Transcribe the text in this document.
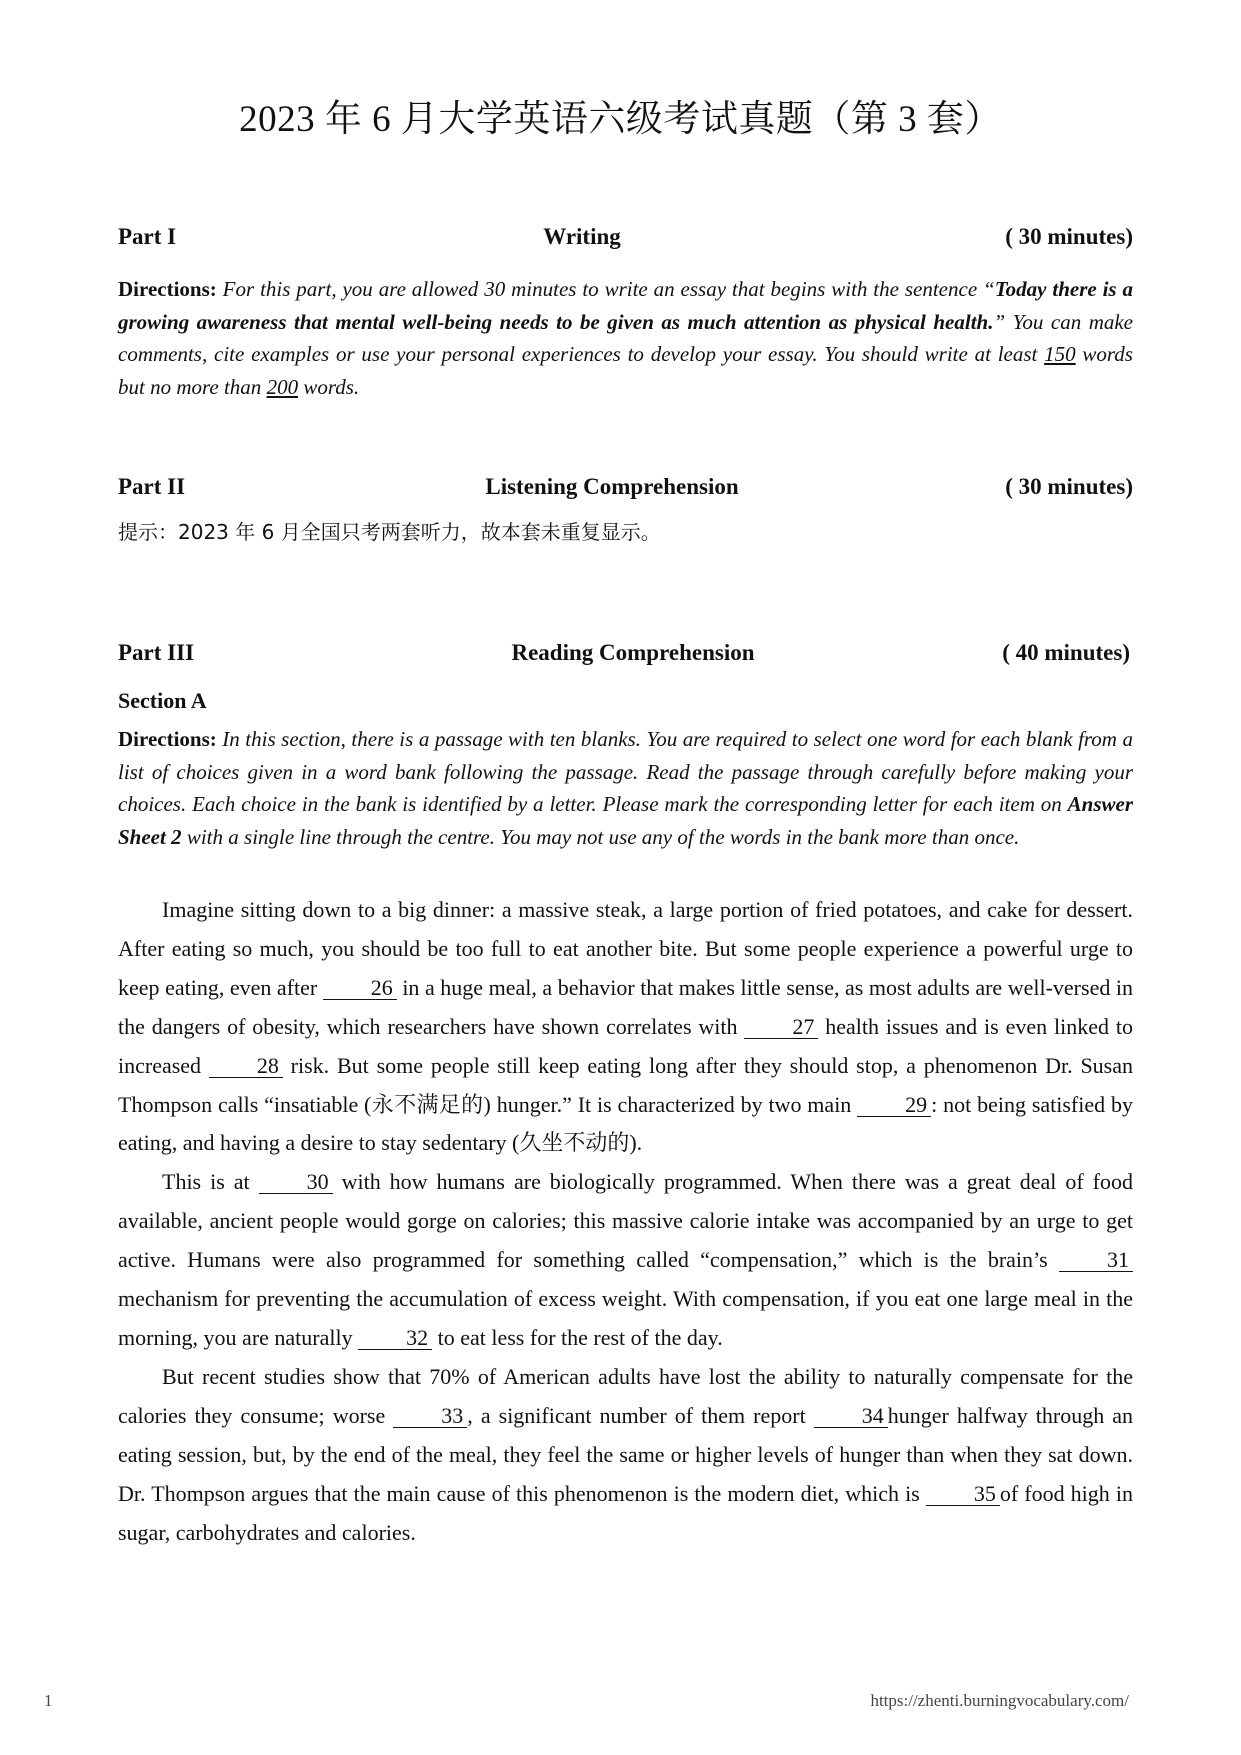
2023 年 6 月大学英语六级考试真题（第 3 套）
Part I	Writing	( 30 minutes)

Directions: For this part, you are allowed 30 minutes to write an essay that begins with the sentence “Today there is a growing awareness that mental well-being needs to be given as much attention as physical health.” You can make comments, cite examples or use your personal experiences to develop your essay. You should write at least 150 words but no more than 200 words.

Part II	Listening Comprehension	( 30 minutes)
提示：2023 年 6 月全国只考两套听力，故本套未重复显示。
Part III	Reading Comprehension	( 40 minutes)
Section A

Directions: In this section, there is a passage with ten blanks. You are required to select one word for each blank from a list of choices given in a word bank following the passage. Read the passage through carefully before making your choices. Each choice in the bank is identified by a letter. Please mark the corresponding letter for each item on Answer Sheet 2 with a single line through the centre. You may not use any of the words in the bank more than once.

Imagine sitting down to a big dinner: a massive steak, a large portion of fried potatoes, and cake for dessert. After eating so much, you should be too full to eat another bite. But some people experience a powerful urge to keep eating, even after 26 in a huge meal, a behavior that makes little sense, as most adults are well-versed in the dangers of obesity, which researchers have shown correlates with 27 health issues and is even linked to increased 28 risk. But some people still keep eating long after they should stop, a phenomenon Dr. Susan Thompson calls “insatiable (永不满足的) hunger.” It is characterized by two main 29 : not being satisfied by eating, and having a desire to stay sedentary (久坐不动的).

This is at 30 with how humans are biologically programmed. When there was a great deal of food available, ancient people would gorge on calories; this massive calorie intake was accompanied by an urge to get active. Humans were also programmed for something called “compensation,” which is the brain’s 31 mechanism for preventing the accumulation of excess weight. With compensation, if you eat one large meal in the morning, you are naturally 32 to eat less for the rest of the day.

But recent studies show that 70% of American adults have lost the ability to naturally compensate for the calories they consume; worse 33 , a significant number of them report 34 hunger halfway through an eating session, but, by the end of the meal, they feel the same or higher levels of hunger than when they sat down. Dr. Thompson argues that the main cause of this phenomenon is the modern diet, which is 35 of food high in sugar, carbohydrates and calories.

1	https://zhenti.burningvocabulary.com/
